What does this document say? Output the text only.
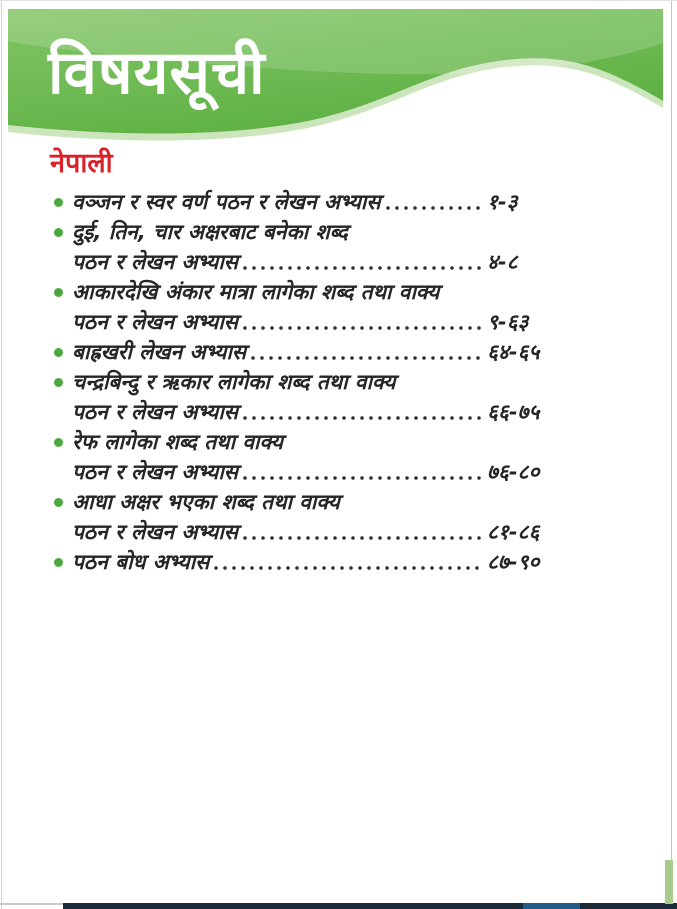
विषयसूची
नेपाली
वञ्जन र स्वर वर्ण पठन र लेखन अभ्यास	१-३
दुई, तिन, चार अक्षरबाट बनेका शब्द
पठन र लेखन अभ्यास	४-८
आकारदेखि अंकार मात्रा लागेका शब्द तथा वाक्य
पठन र लेखन अभ्यास	९-६३
बाह्रखरी लेखन अभ्यास	६४-६५
चन्द्रबिन्दु र ऋकार लागेका शब्द तथा वाक्य
पठन र लेखन अभ्यास	६६-७५
रेफ लागेका शब्द तथा वाक्य
पठन र लेखन अभ्यास	७६-८०
आधा अक्षर भएका शब्द तथा वाक्य
पठन र लेखन अभ्यास	८१-८६
पठन बोध अभ्यास	८७-९०
